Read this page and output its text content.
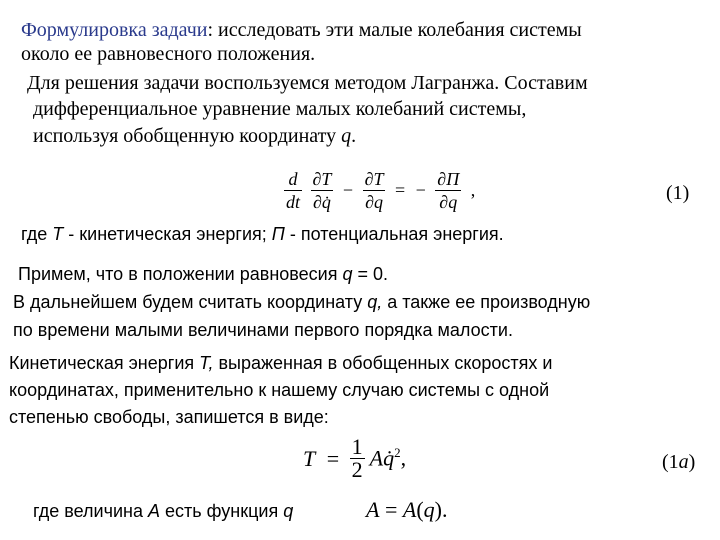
Формулировка задачи: исследовать эти малые колебания системы
около ее равновесного положения.
Для решения задачи воспользуемся методом Лагранжа. Составим
дифференциальное уравнение малых колебаний системы,
используя обобщенную координату q.
$\frac{d}{dt}$
$\frac{\partial T}{\partial q̇} - \frac{\partial T}{\partial q}$ = − $\frac{\partial П}{\partial q}$ ,	(1)
где T - кинетическая энергия; П - потенциальная энергия.
Примем, что в положении равновесия q = 0.
В дальнейшем будем считать координату q, а также ее производную
по времени малыми величинами первого порядка малости.
Кинетическая энергия T, выраженная в обобщенных скоростях и
координатах, применительно к нашему случаю системы с одной
степенью свободы, запишется в виде:
$T = \frac{1}{2}$ Aq̇$^2$,	(1a)
где величина A есть функция q	A = A(q).
